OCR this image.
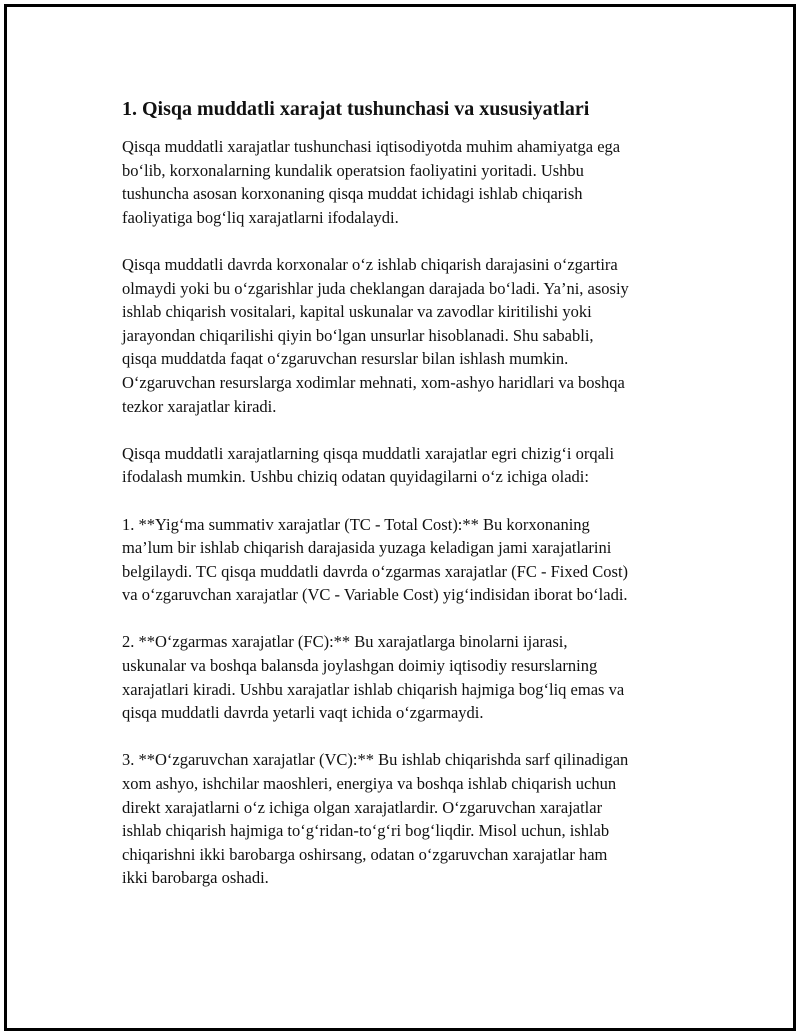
1. Qisqa muddatli xarajat tushunchasi va xususiyatlari

Qisqa muddatli xarajatlar tushunchasi iqtisodiyotda muhim ahamiyatga ega
bo‘lib, korxonalarning kundalik operatsion faoliyatini yoritadi. Ushbu
tushuncha asosan korxonaning qisqa muddat ichidagi ishlab chiqarish
faoliyatiga bog‘liq xarajatlarni ifodalaydi.

Qisqa muddatli davrda korxonalar o‘z ishlab chiqarish darajasini o‘zgartira
olmaydi yoki bu o‘zgarishlar juda cheklangan darajada bo‘ladi. Ya’ni, asosiy
ishlab chiqarish vositalari, kapital uskunalar va zavodlar kiritilishi yoki
jarayondan chiqarilishi qiyin bo‘lgan unsurlar hisoblanadi. Shu sababli,
qisqa muddatda faqat o‘zgaruvchan resurslar bilan ishlash mumkin.
O‘zgaruvchan resurslarga xodimlar mehnati, xom-ashyo haridlari va boshqa
tezkor xarajatlar kiradi.

Qisqa muddatli xarajatlarning qisqa muddatli xarajatlar egri chizig‘i orqali
ifodalash mumkin. Ushbu chiziq odatan quyidagilarni o‘z ichiga oladi:

1. **Yig‘ma summativ xarajatlar (TC - Total Cost):** Bu korxonaning
ma’lum bir ishlab chiqarish darajasida yuzaga keladigan jami xarajatlarini
belgilaydi. TC qisqa muddatli davrda o‘zgarmas xarajatlar (FC - Fixed Cost)
va o‘zgaruvchan xarajatlar (VC - Variable Cost) yig‘indisidan iborat bo‘ladi.

2. **O‘zgarmas xarajatlar (FC):** Bu xarajatlarga binolarni ijarasi,
uskunalar va boshqa balansda joylashgan doimiy iqtisodiy resurslarning
xarajatlari kiradi. Ushbu xarajatlar ishlab chiqarish hajmiga bog‘liq emas va
qisqa muddatli davrda yetarli vaqt ichida o‘zgarmaydi.

3. **O‘zgaruvchan xarajatlar (VC):** Bu ishlab chiqarishda sarf qilinadigan
xom ashyo, ishchilar maoshleri, energiya va boshqa ishlab chiqarish uchun
direkt xarajatlarni o‘z ichiga olgan xarajatlardir. O‘zgaruvchan xarajatlar
ishlab chiqarish hajmiga to‘g‘ridan-to‘g‘ri bog‘liqdir. Misol uchun, ishlab
chiqarishni ikki barobarga oshirsang, odatan o‘zgaruvchan xarajatlar ham
ikki barobarga oshadi.
